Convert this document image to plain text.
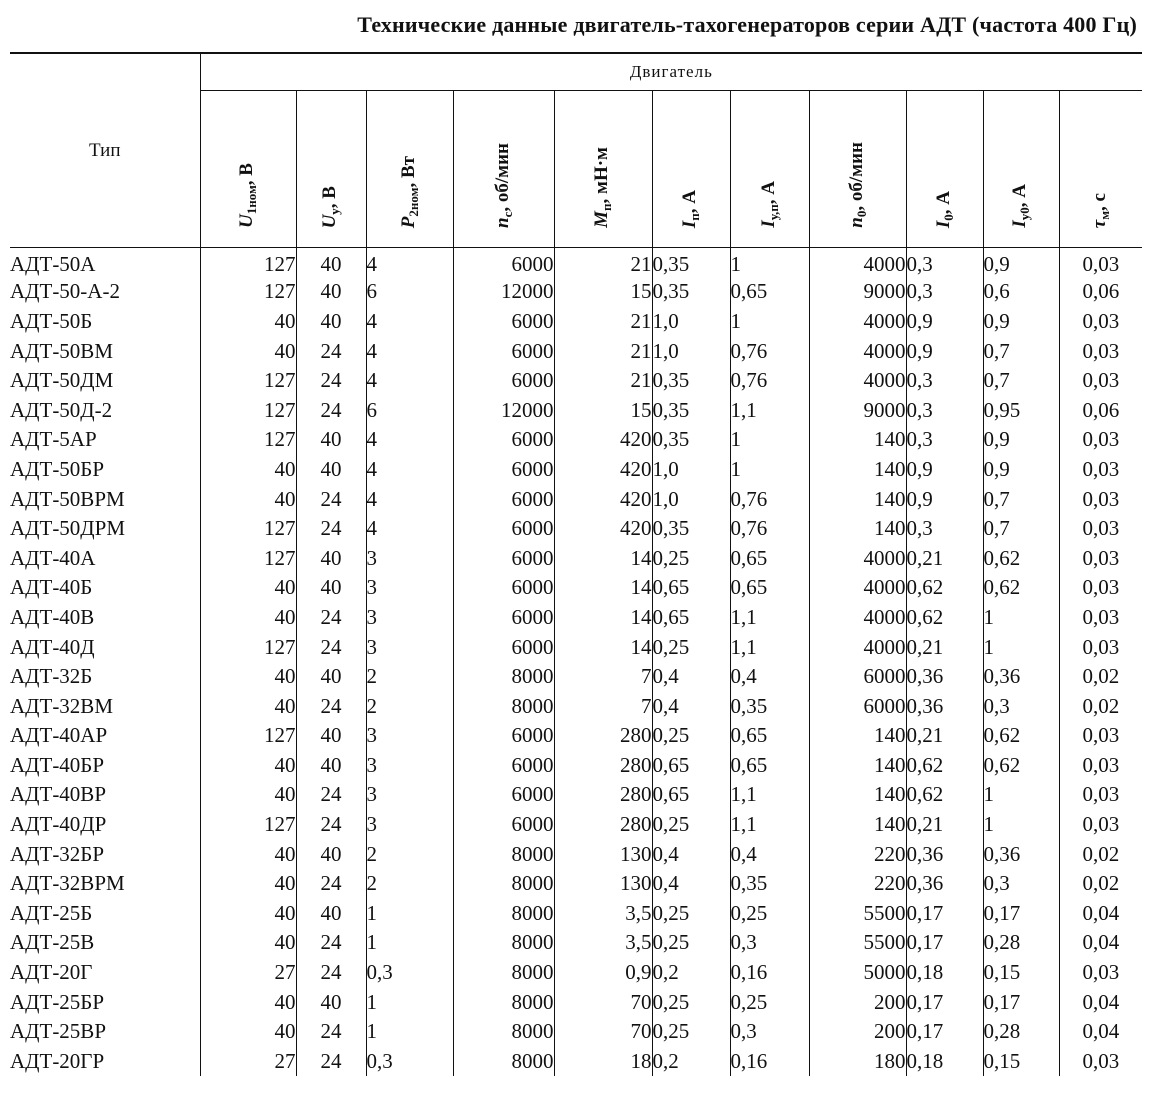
Технические данные двигатель-тахогенераторов серии АДТ (частота 400 Гц)
Тип	Двигатель										
	$U_{1ном}$, В	$U_у$, В	$P_{2ном}$, Вт	$n_c$, об/мин	$M_п$, мН·м	$I_п$, А	$I_{у,п}$, А	$n_0$, об/мин	$I_0$, А	$I_{у0}$, А	$\tau_м$, с
АДТ-50А	127	40	4	6000	21	0,35	1	4000	0,3	0,9	0,03
АДТ-50-А-2	127	40	6	12000	15	0,35	0,65	9000	0,3	0,6	0,06
АДТ-50Б	40	40	4	6000	21	1,0	1	4000	0,9	0,9	0,03
АДТ-50ВМ	40	24	4	6000	21	1,0	0,76	4000	0,9	0,7	0,03
АДТ-50ДМ	127	24	4	6000	21	0,35	0,76	4000	0,3	0,7	0,03
АДТ-50Д-2	127	24	6	12000	15	0,35	1,1	9000	0,3	0,95	0,06
АДТ-5АР	127	40	4	6000	420	0,35	1	140	0,3	0,9	0,03
АДТ-50БР	40	40	4	6000	420	1,0	1	140	0,9	0,9	0,03
АДТ-50ВРМ	40	24	4	6000	420	1,0	0,76	140	0,9	0,7	0,03
АДТ-50ДРМ	127	24	4	6000	420	0,35	0,76	140	0,3	0,7	0,03
АДТ-40А	127	40	3	6000	14	0,25	0,65	4000	0,21	0,62	0,03
АДТ-40Б	40	40	3	6000	14	0,65	0,65	4000	0,62	0,62	0,03
АДТ-40В	40	24	3	6000	14	0,65	1,1	4000	0,62	1	0,03
АДТ-40Д	127	24	3	6000	14	0,25	1,1	4000	0,21	1	0,03
АДТ-32Б	40	40	2	8000	7	0,4	0,4	6000	0,36	0,36	0,02
АДТ-32ВМ	40	24	2	8000	7	0,4	0,35	6000	0,36	0,3	0,02
АДТ-40АР	127	40	3	6000	280	0,25	0,65	140	0,21	0,62	0,03
АДТ-40БР	40	40	3	6000	280	0,65	0,65	140	0,62	0,62	0,03
АДТ-40ВР	40	24	3	6000	280	0,65	1,1	140	0,62	1	0,03
АДТ-40ДР	127	24	3	6000	280	0,25	1,1	140	0,21	1	0,03
АДТ-32БР	40	40	2	8000	130	0,4	0,4	220	0,36	0,36	0,02
АДТ-32ВРМ	40	24	2	8000	130	0,4	0,35	220	0,36	0,3	0,02
АДТ-25Б	40	40	1	8000	3,5	0,25	0,25	5500	0,17	0,17	0,04
АДТ-25В	40	24	1	8000	3,5	0,25	0,3	5500	0,17	0,28	0,04
АДТ-20Г	27	24	0,3	8000	0,9	0,2	0,16	5000	0,18	0,15	0,03
АДТ-25БР	40	40	1	8000	70	0,25	0,25	200	0,17	0,17	0,04
АДТ-25ВР	40	24	1	8000	70	0,25	0,3	200	0,17	0,28	0,04
АДТ-20ГР	27	24	0,3	8000	18	0,2	0,16	180	0,18	0,15	0,03
